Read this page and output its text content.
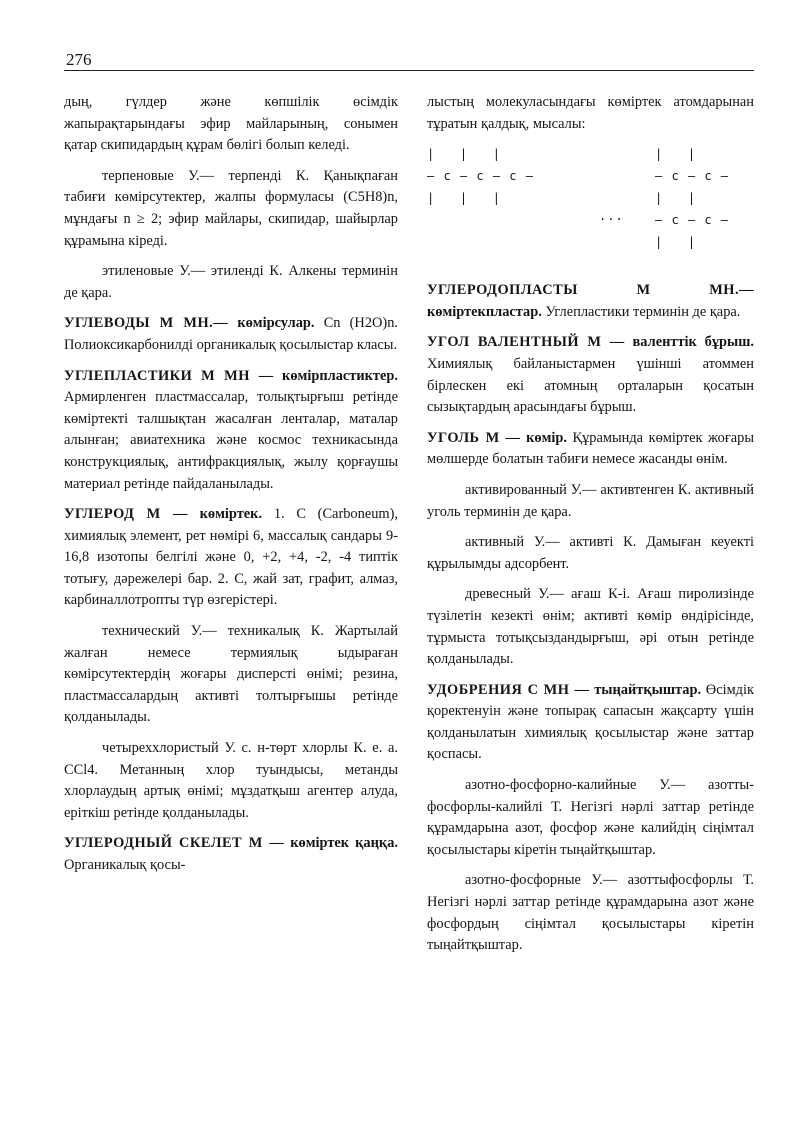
276

дың, гүлдер және көпшілік өсімдік жапырақтарындағы эфир майларының, сонымен қатар скипидардың құрам бөлігі болып келеді.

терпеновые У.— терпенді К. Қанықпаған табиғи көмірсутектер, жалпы формуласы (C5H8)n, мұндағы n ≥ 2; эфир майлары, скипидар, шайырлар құрамына кіреді.

этиленовые У.— этиленді К. Алкены терминін де қара.

УГЛЕВОДЫ М МН.— көмірсулар. Cn (H2O)n. Полиоксикарбонилді органикалық қосылыстар класы.

УГЛЕПЛАСТИКИ М МН — көмірпластиктер. Армирленген пластмассалар, толықтырғыш ретінде көміртекті талшықтан жасалған ленталар, маталар алынған; авиатехника және космос техникасында конструкциялық, антифракциялық, жылу қорғаушы материал ретінде пайдаланылады.

УГЛЕРОД М — көміртек. 1. C (Carboneum), химиялық элемент, рет нөмірі 6, массалық сандары 9-16,8 изотопы белгілі және 0, +2, +4, -2, -4 типтік тотығу, дәрежелері бар. 2. C, жай зат, графит, алмаз, карбиналлотропты түр өзгерістері.

технический У.— техникалық К. Жартылай жалған немесе термиялық ыдыраған көмірсутектердің жоғары дисперсті өнімі; резина, пластмассалардың активті толтырғышы ретінде қолданылады.

четыреххлористый У. с. н-төрт хлорлы К. е. а. CCl4. Метанның хлор туындысы, метанды хлорлаудың артық өнімі; мұздатқыш агентер алуда, еріткіш ретінде қолданылады.

УГЛЕРОДНЫЙ СКЕЛЕТ М — көміртек қаңқа. Органикалық қосы-

лыстың молекуласындағы көміртек атомдарынан тұратын қалдық, мысалы:

|   |   |
— c — c — c —
|   |   |
|   |
— c — c —
|   |
— c — c —
|   |
...

УГЛЕРОДОПЛАСТЫ М МН.— көміртекпластар. Углепластики терминін де қара.

УГОЛ ВАЛЕНТНЫЙ М — валенттік бұрыш. Химиялық байланыстармен үшінші атоммен бірлескен екі атомның орталарын қосатын сызықтардың арасындағы бұрыш.

УГОЛЬ М — көмір. Құрамында көміртек жоғары мөлшерде болатын табиғи немесе жасанды өнім.

активированный У.— активтенген К. активный уголь терминін де қара.

активный У.— активті К. Дамыған кеуекті құрылымды адсорбент.

древесный У.— ағаш К-і. Ағаш пиролизінде түзілетін кезекті өнім; активті көмір өндірісінде, тұрмыста тотықсыздандырғыш, әрі отын ретінде қолданылады.

УДОБРЕНИЯ С МН — тыңайтқыштар. Өсімдік қоректенуін және топырақ сапасын жақсарту үшін қолданылатын химиялық қосылыстар және заттар қоспасы.

азотно-фосфорно-калийные У.— азотты-фосфорлы-калийлі Т. Негізгі нәрлі заттар ретінде құрамдарына азот, фосфор және калийдің сіңімтал қосылыстары кіретін тыңайтқыштар.

азотно-фосфорные У.— азоттыфосфорлы Т. Негізгі нәрлі заттар ретінде құрамдарына азот және фосфордың сіңімтал қосылыстары кіретін тыңайтқыштар.
